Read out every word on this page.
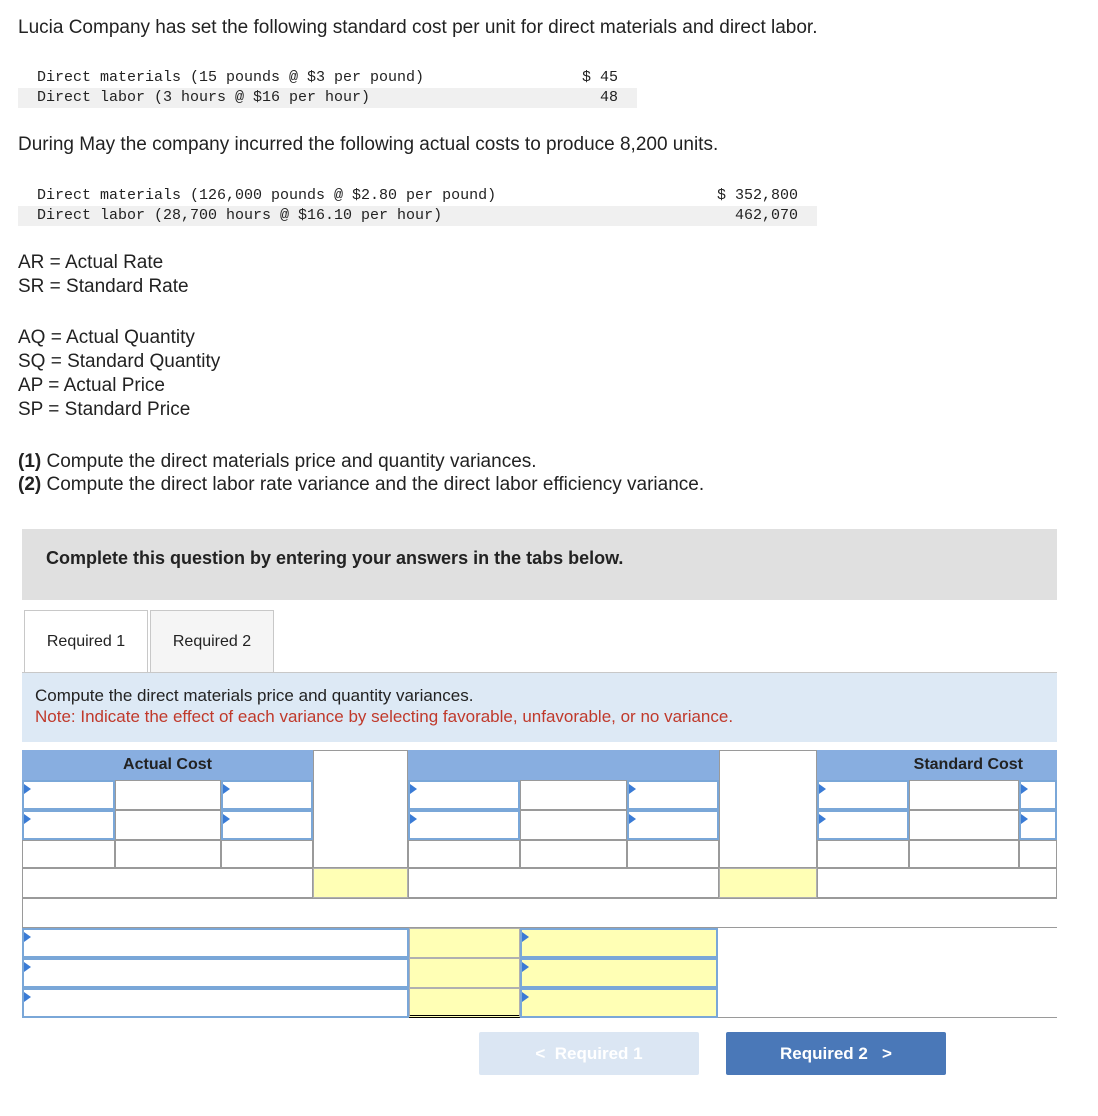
Lucia Company has set the following standard cost per unit for direct materials and direct labor.
Direct materials (15 pounds @ $3 per pound)	$ 45
Direct labor (3 hours @ $16 per hour)	48
During May the company incurred the following actual costs to produce 8,200 units.
Direct materials (126,000 pounds @ $2.80 per pound)	$ 352,800
Direct labor (28,700 hours @ $16.10 per hour)	462,070
AR = Actual Rate
SR = Standard Rate
AQ = Actual Quantity
SQ = Standard Quantity
AP = Actual Price
SP = Standard Price
(1) Compute the direct materials price and quantity variances.
(2) Compute the direct labor rate variance and the direct labor efficiency variance.
Complete this question by entering your answers in the tabs below.
Required 1	Required 2
Compute the direct materials price and quantity variances.
Note: Indicate the effect of each variance by selecting favorable, unfavorable, or no variance.
Actual Cost	Standard Cost
<  Required 1	Required 2   >
